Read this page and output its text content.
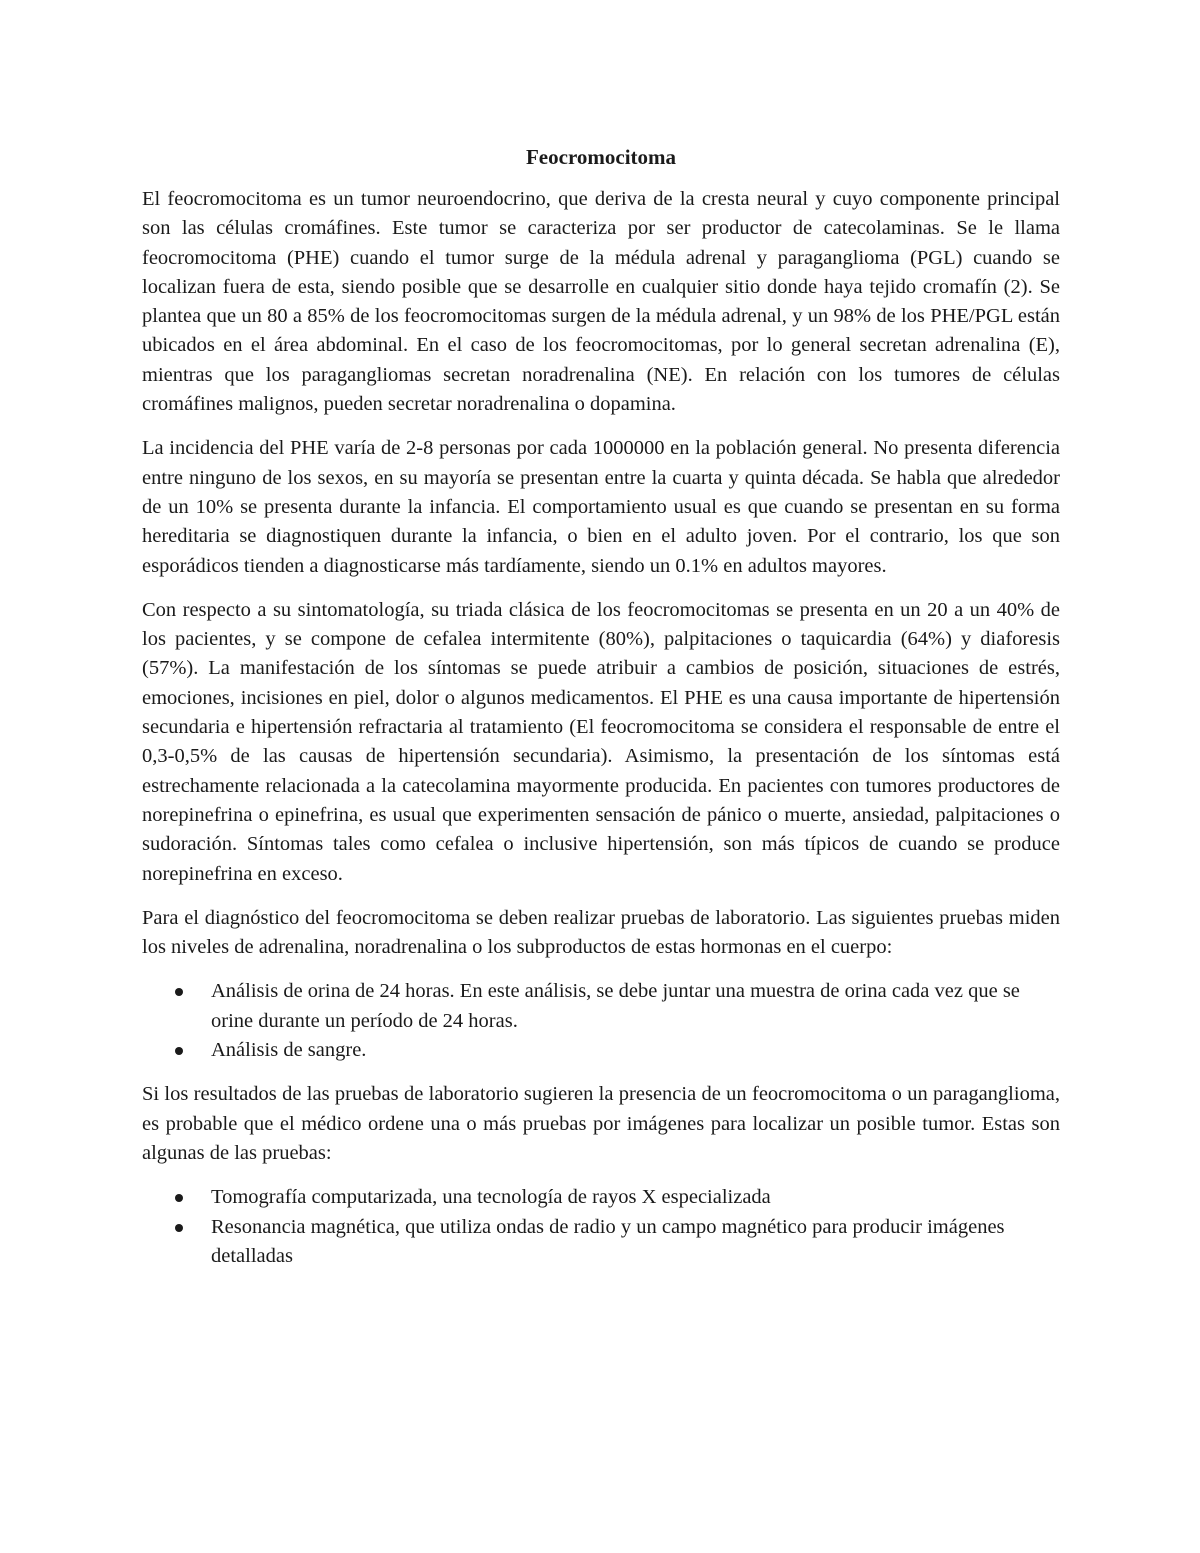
Feocromocitoma

El feocromocitoma es un tumor neuroendocrino, que deriva de la cresta neural y cuyo componente principal son las células cromáfines. Este tumor se caracteriza por ser productor de catecolaminas. Se le llama feocromocitoma (PHE) cuando el tumor surge de la médula adrenal y paraganglioma (PGL) cuando se localizan fuera de esta, siendo posible que se desarrolle en cualquier sitio donde haya tejido cromafín (2). Se plantea que un 80 a 85% de los feocromocitomas surgen de la médula adrenal, y un 98% de los PHE/PGL están ubicados en el área abdominal. En el caso de los feocromocitomas, por lo general secretan adrenalina (E), mientras que los paragangliomas secretan noradrenalina (NE). En relación con los tumores de células cromáfines malignos, pueden secretar noradrenalina o dopamina.

La incidencia del PHE varía de 2-8 personas por cada 1000000 en la población general. No presenta diferencia entre ninguno de los sexos, en su mayoría se presentan entre la cuarta y quinta década. Se habla que alrededor de un 10% se presenta durante la infancia. El comportamiento usual es que cuando se presentan en su forma hereditaria se diagnostiquen durante la infancia, o bien en el adulto joven. Por el contrario, los que son esporádicos tienden a diagnosticarse más tardíamente, siendo un 0.1% en adultos mayores.

Con respecto a su sintomatología, su triada clásica de los feocromocitomas se presenta en un 20 a un 40% de los pacientes, y se compone de cefalea intermitente (80%), palpitaciones o taquicardia (64%) y diaforesis (57%). La manifestación de los síntomas se puede atribuir a cambios de posición, situaciones de estrés, emociones, incisiones en piel, dolor o algunos medicamentos. El PHE es una causa importante de hipertensión secundaria e hipertensión refractaria al tratamiento (El feocromocitoma se considera el responsable de entre el 0,3-0,5% de las causas de hipertensión secundaria). Asimismo, la presentación de los síntomas está estrechamente relacionada a la catecolamina mayormente producida. En pacientes con tumores productores de norepinefrina o epinefrina, es usual que experimenten sensación de pánico o muerte, ansiedad, palpitaciones o sudoración. Síntomas tales como cefalea o inclusive hipertensión, son más típicos de cuando se produce norepinefrina en exceso.

Para el diagnóstico del feocromocitoma se deben realizar pruebas de laboratorio. Las siguientes pruebas miden los niveles de adrenalina, noradrenalina o los subproductos de estas hormonas en el cuerpo:

Análisis de orina de 24 horas. En este análisis, se debe juntar una muestra de orina cada vez que se orine durante un período de 24 horas.
Análisis de sangre.

Si los resultados de las pruebas de laboratorio sugieren la presencia de un feocromocitoma o un paraganglioma, es probable que el médico ordene una o más pruebas por imágenes para localizar un posible tumor. Estas son algunas de las pruebas:

Tomografía computarizada, una tecnología de rayos X especializada
Resonancia magnética, que utiliza ondas de radio y un campo magnético para producir imágenes detalladas
